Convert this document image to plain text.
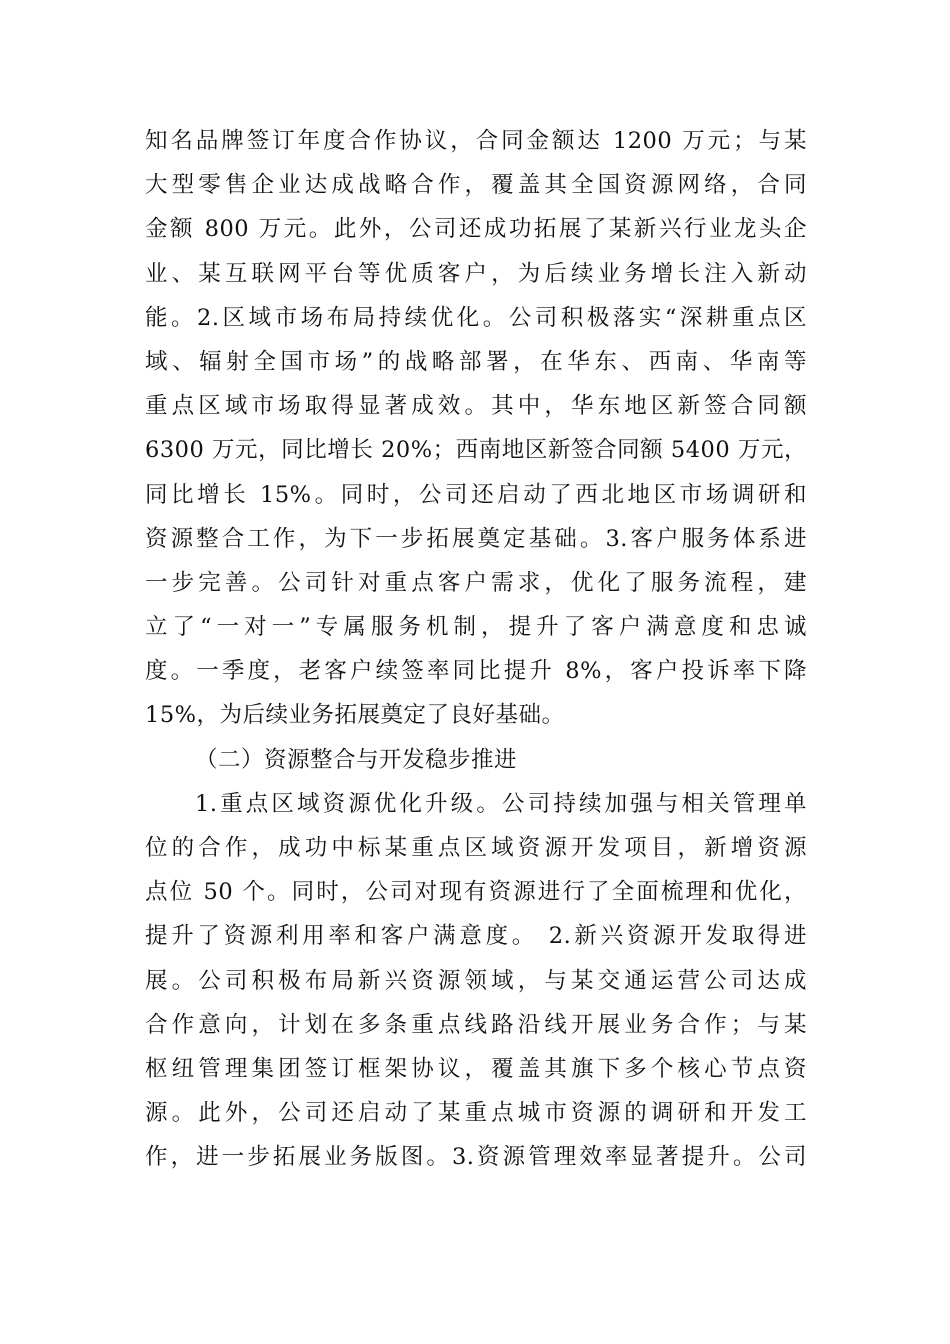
知名品牌签订年度合作协议，合同金额达 1200 万元；与某
大型零售企业达成战略合作，覆盖其全国资源网络，合同
金额 800 万元。此外，公司还成功拓展了某新兴行业龙头企
业、某互联网平台等优质客户，为后续业务增长注入新动
能。2.区域市场布局持续优化。公司积极落实“深耕重点区
域、辐射全国市场”的战略部署，在华东、西南、华南等
重点区域市场取得显著成效。其中，华东地区新签合同额
6300 万元，同比增长 20%；西南地区新签合同额 5400 万元，
同比增长 15%。同时，公司还启动了西北地区市场调研和
资源整合工作，为下一步拓展奠定基础。3.客户服务体系进
一步完善。公司针对重点客户需求，优化了服务流程，建
立了“一对一”专属服务机制，提升了客户满意度和忠诚
度。一季度，老客户续签率同比提升 8%，客户投诉率下降
15%，为后续业务拓展奠定了良好基础。
（二）资源整合与开发稳步推进
1.重点区域资源优化升级。公司持续加强与相关管理单
位的合作，成功中标某重点区域资源开发项目，新增资源
点位 50 个。同时，公司对现有资源进行了全面梳理和优化，
提升了资源利用率和客户满意度。 2.新兴资源开发取得进
展。公司积极布局新兴资源领域，与某交通运营公司达成
合作意向，计划在多条重点线路沿线开展业务合作；与某
枢纽管理集团签订框架协议，覆盖其旗下多个核心节点资
源。此外，公司还启动了某重点城市资源的调研和开发工
作，进一步拓展业务版图。3.资源管理效率显著提升。公司
